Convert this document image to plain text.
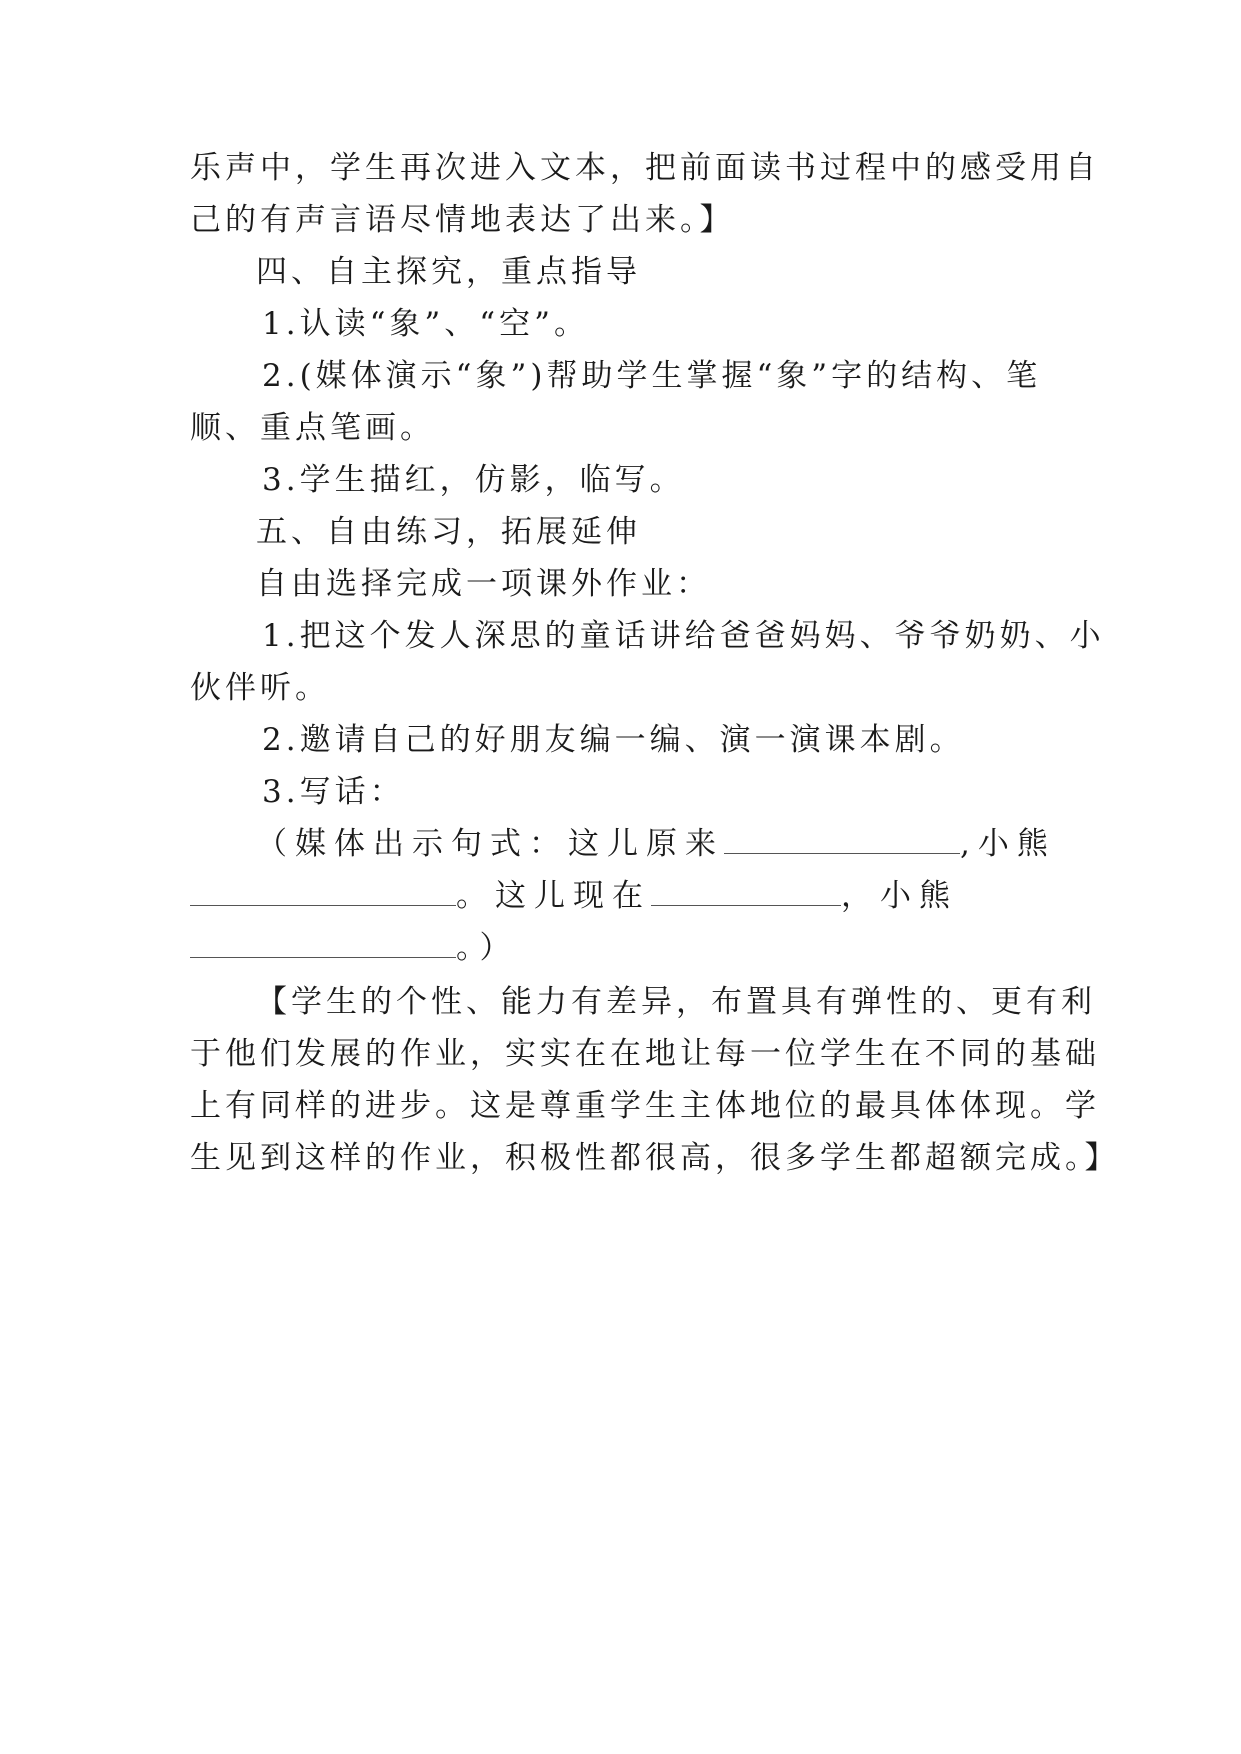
乐声中，学生再次进入文本，把前面读书过程中的感受用自
己的有声言语尽情地表达了出来。】
四、自主探究，重点指导
1.认读“象”、“空”。
2.(媒体演示“象”)帮助学生掌握“象”字的结构、笔
顺、重点笔画。
3.学生描红，仿影，临写。
五、自由练习，拓展延伸
自由选择完成一项课外作业：
1.把这个发人深思的童话讲给爸爸妈妈、爷爷奶奶、小
伙伴听。
2.邀请自己的好朋友编一编、演一演课本剧。
3.写话：
（媒体出示句式：这儿原来	,小熊
。这儿现在	，小熊
。）
【学生的个性、能力有差异，布置具有弹性的、更有利
于他们发展的作业，实实在在地让每一位学生在不同的基础
上有同样的进步。这是尊重学生主体地位的最具体体现。学
生见到这样的作业，积极性都很高，很多学生都超额完成。】
